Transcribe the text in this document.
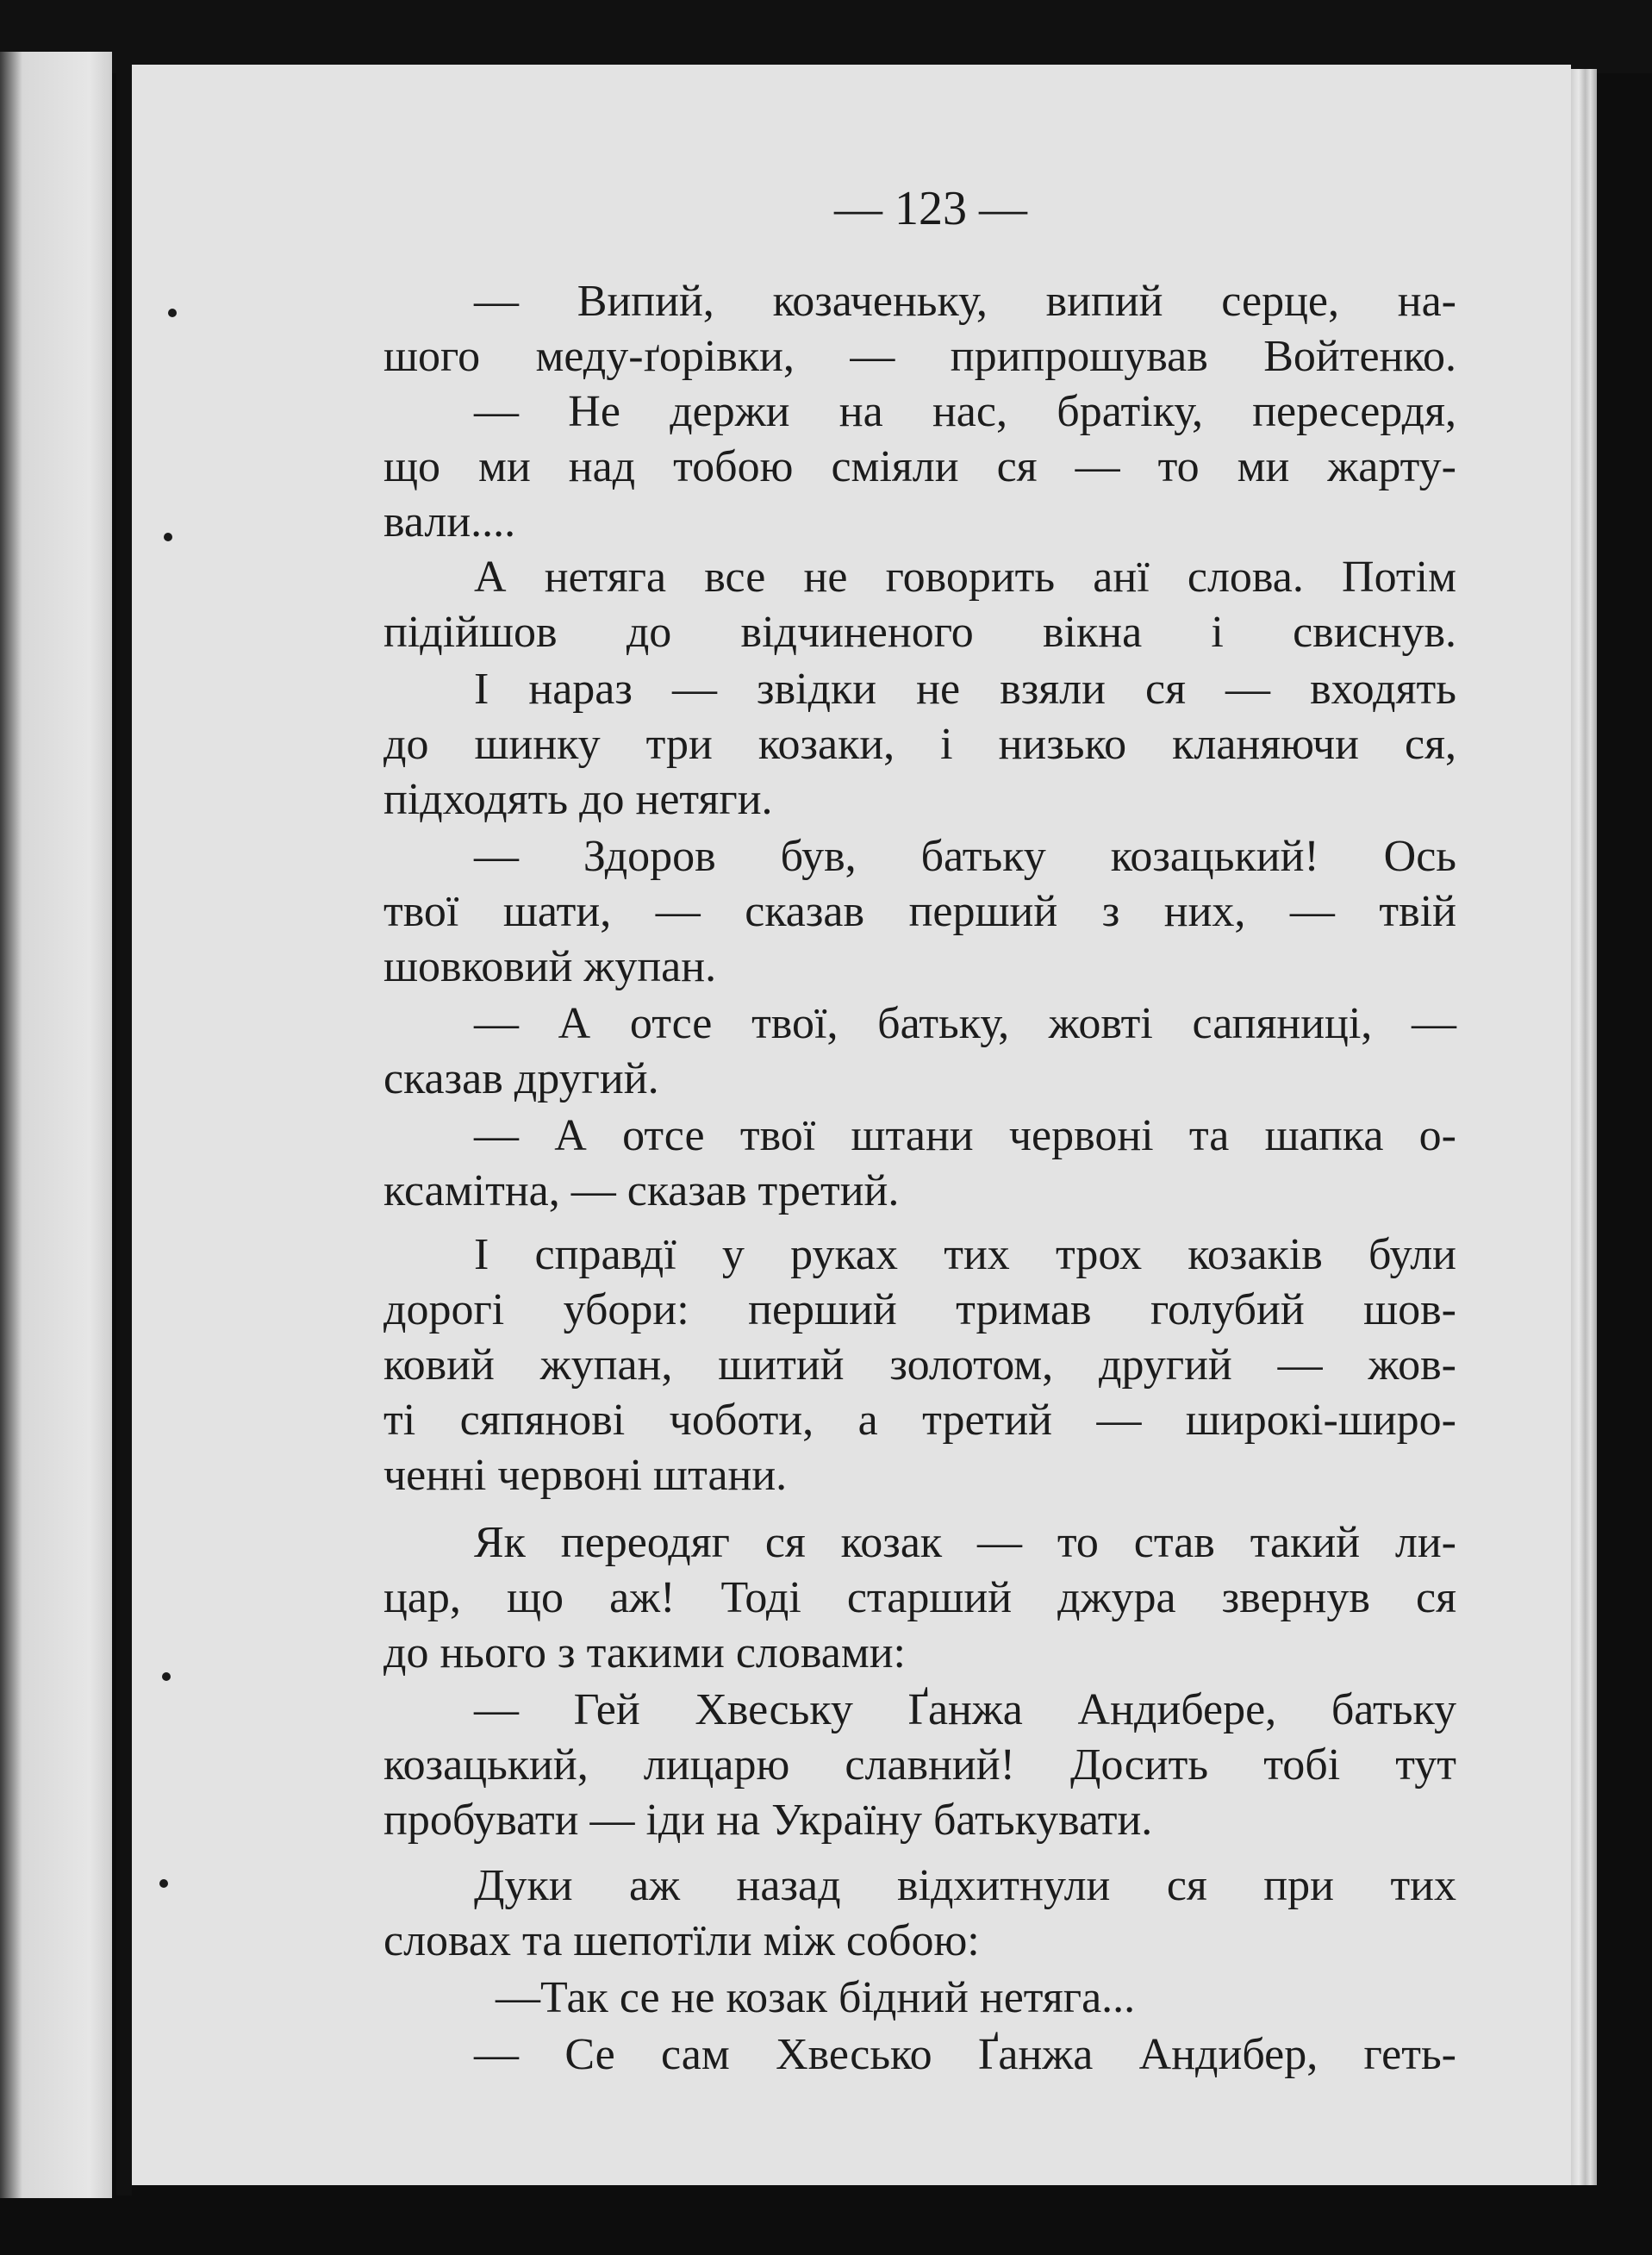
— 123 —
— Випий, козаченьку, випий серце, на-
шого меду-ґорівки, — припрошував Войтенко.
— Не держи на нас, братіку, пересердя,
що ми над тобою сміяли ся — то ми жарту-
вали....
А нетяга все не говорить анї слова. Потім
підійшов до відчиненого вікна і свиснув.
І нараз — звідки не взяли ся — входять
до шинку три козаки, і низько кланяючи ся,
підходять до нетяги.
— Здоров був, батьку козацький! Ось
твої шати, — сказав перший з них, — твій
шовковий жупан.
— А отсе твої, батьку, жовті сапяниці, —
сказав другий.
— А отсе твої штани червоні та шапка о-
ксамітна, — сказав третий.
І справдї у руках тих трох козаків були
дорогі убори: перший тримав голубий шов-
ковий жупан, шитий золотом, другий — жов-
ті сяпянові чоботи, а третий — широкі-широ-
ченні червоні штани.
Як переодяг ся козак — то став такий ли-
цар, що аж! Тоді старший джура звернув ся
до нього з такими словами:
— Гей Хвеську Ґанжа Андибере, батьку
козацький, лицарю славний! Досить тобі тут
пробувати — іди на Україну батькувати.
Дуки аж назад відхитнули ся при тих
словах та шепотїли між собою:
—Так се не козак бідний нетяга...
— Се сам Хвесько Ґанжа Андибер, геть-
